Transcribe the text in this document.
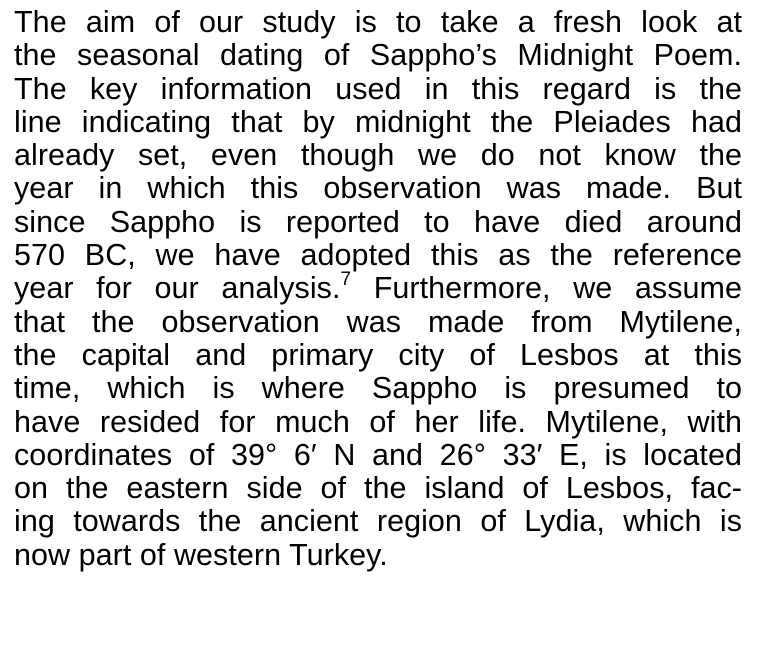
The aim of our study is to take a fresh look at
the seasonal dating of Sappho’s Midnight Poem.
The key information used in this regard is the
line indicating that by midnight the Pleiades had
already set, even though we do not know the
year in which this observation was made. But
since Sappho is reported to have died around
570 BC, we have adopted this as the reference
year for our analysis.$^7$ Furthermore, we assume
that the observation was made from Mytilene,
the capital and primary city of Lesbos at this
time, which is where Sappho is presumed to
have resided for much of her life. Mytilene, with
coordinates of 39° 6′ N and 26° 33′ E, is located
on the eastern side of the island of Lesbos, fac-
ing towards the ancient region of Lydia, which is
now part of western Turkey.
